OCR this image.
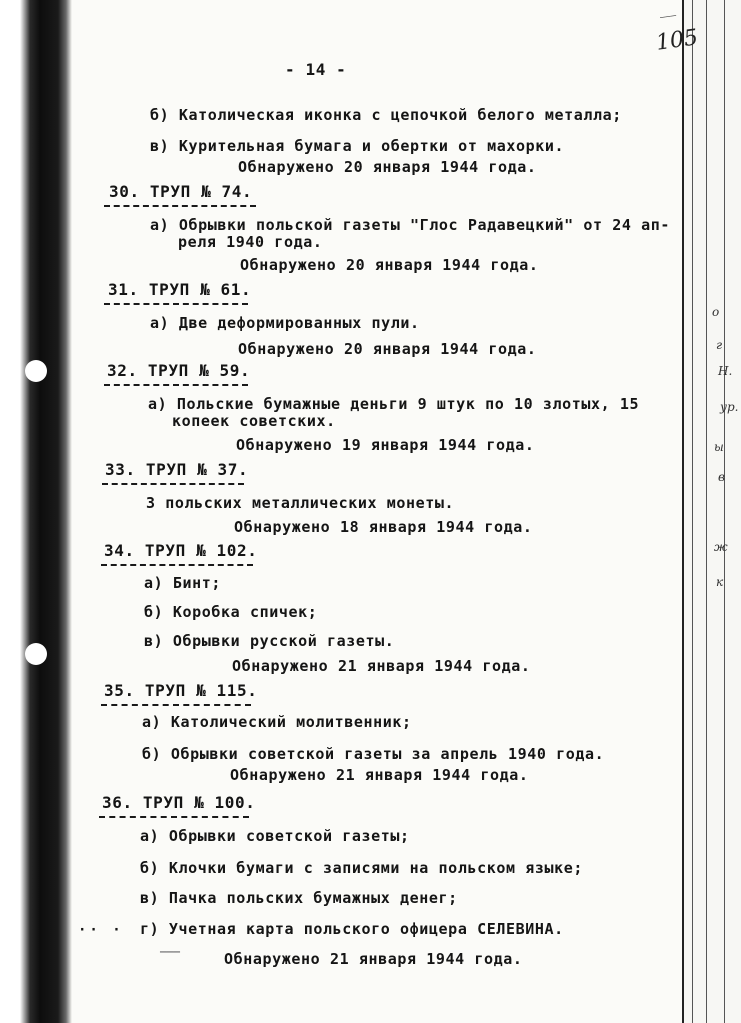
о
г
Н.
ур.
ы
в
ж
к
———
105
- 14 -
б) Католическая иконка с цепочкой белого металла;
в) Курительная бумага и обертки от махорки.
Обнаружено 20 января 1944 года.
30. ТРУП № 74.
а) Обрывки польской газеты "Глос Радавецкий" от 24 ап-
реля 1940 года.
Обнаружено 20 января 1944 года.
31. ТРУП № 61.
а) Две деформированных пули.
Обнаружено 20 января 1944 года.
32. ТРУП № 59.
а) Польские бумажные деньги 9 штук по 10 злотых, 15
копеек советских.
Обнаружено 19 января 1944 года.
33. ТРУП № 37.
3 польских металлических монеты.
Обнаружено 18 января 1944 года.
34. ТРУП № 102.
а) Бинт;
б) Коробка спичек;
в) Обрывки русской газеты.
Обнаружено 21 января 1944 года.
35. ТРУП № 115.
а) Католический молитвенник;
б) Обрывки советской газеты за апрель 1940 года.
Обнаружено 21 января 1944 года.
36. ТРУП № 100.
а) Обрывки советской газеты;
б) Клочки бумаги с записями на польском языке;
в) Пачка польских бумажных денег;
г) Учетная карта польского офицера СЕЛЕВИНА.
·· ·
Обнаружено 21 января 1944 года.
▁▁▁
